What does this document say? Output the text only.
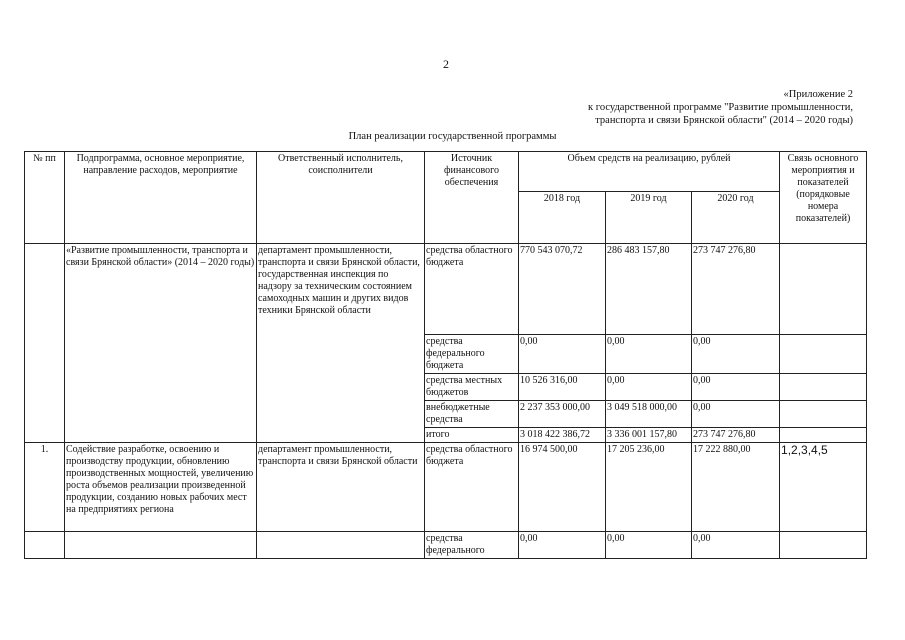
2
«Приложение 2
к государственной программе "Развитие промышленности,
транспорта и связи Брянской области" (2014 – 2020 годы)
План реализации государственной программы
№ пп	Подпрограмма, основное мероприятие, направление расходов, мероприятие	Ответственный исполнитель, соисполнители	Источник финансового обеспечения	Объем средств на реализацию, рублей			Связь основного мероприятия и показателей (порядковые номера показателей)
				2018 год	2019 год	2020 год	
	«Развитие промышленности, транспорта и связи Брянской области» (2014 – 2020 годы)	департамент промышленности, транспорта и связи Брянской области, государственная инспекция по надзору за техническим состоянием самоходных машин и других видов техники Брянской области	средства областного бюджета	770 543 070,72	286 483 157,80	273 747 276,80	
			средства федерального бюджета	0,00	0,00	0,00	
			средства местных бюджетов	10 526 316,00	0,00	0,00	
			внебюджетные средства	2 237 353 000,00	3 049 518 000,00	0,00	
			итого	3 018 422 386,72	3 336 001 157,80	273 747 276,80	
1.	Содействие разработке, освоению и производству продукции, обновлению производственных мощностей, увеличению роста объемов реализации произведенной продукции, созданию новых рабочих мест на предприятиях региона	департамент промышленности, транспорта и связи Брянской области	средства областного бюджета	16 974 500,00	17 205 236,00	17 222 880,00	1,2,3,4,5
			средства федерального	0,00	0,00	0,00	
